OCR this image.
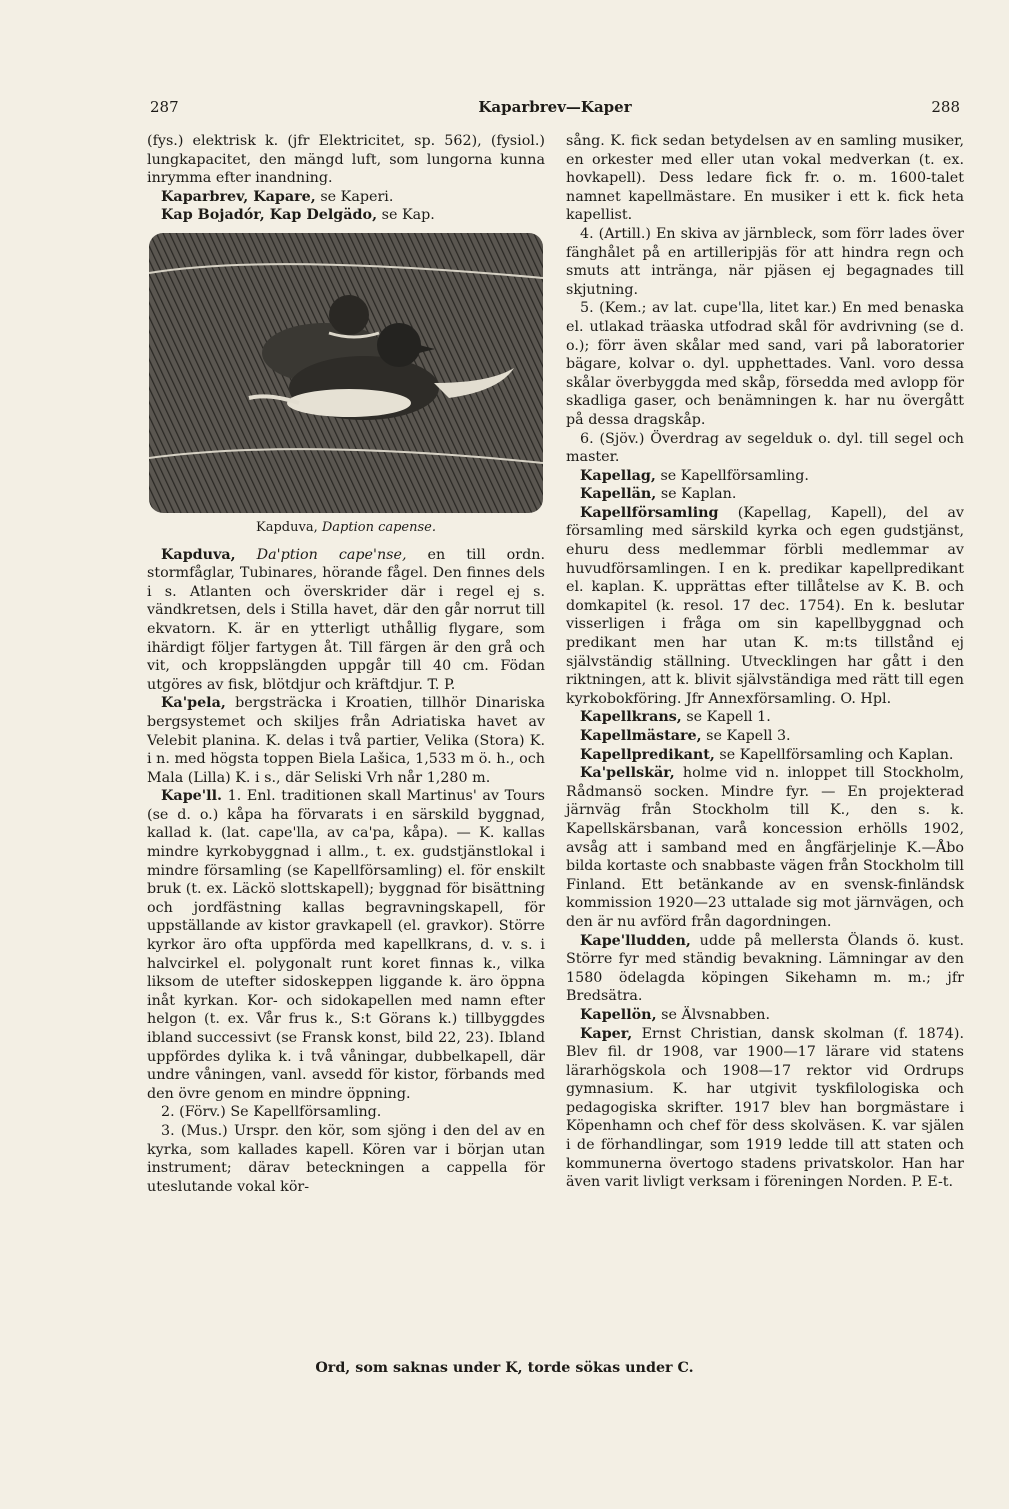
287	Kaparbrev—Kaper	288

(fys.) elektrisk k. (jfr Elektricitet, sp. 562), (fysiol.) lungkapacitet, den mängd luft, som lungorna kunna inrymma efter inandning.

Kaparbrev, Kapare, se Kaperi.

Kap Bojadór, Kap Delgädo, se Kap.

Kapduva, Daption capense.

Kapduva, Da'ption cape'nse, en till ordn. stormfåglar, Tubinares, hörande fågel. Den finnes dels i s. Atlanten och överskrider där i regel ej s. vändkretsen, dels i Stilla havet, där den går norrut till ekvatorn. K. är en ytterligt uthållig flygare, som ihärdigt följer fartygen åt. Till färgen är den grå och vit, och kroppslängden uppgår till 40 cm. Födan utgöres av fisk, blötdjur och kräftdjur. T. P.

Ka'pela, bergsträcka i Kroatien, tillhör Dinariska bergsystemet och skiljes från Adriatiska havet av Velebit planina. K. delas i två partier, Velika (Stora) K. i n. med högsta toppen Biela Lašica, 1,533 m ö. h., och Mala (Lilla) K. i s., där Seliski Vrh når 1,280 m.

Kape'll. 1. Enl. traditionen skall Martinus' av Tours (se d. o.) kåpa ha förvarats i en särskild byggnad, kallad k. (lat. cape'lla, av ca'pa, kåpa). — K. kallas mindre kyrkobyggnad i allm., t. ex. gudstjänstlokal i mindre församling (se Kapellförsamling) el. för enskilt bruk (t. ex. Läckö slottskapell); byggnad för bisättning och jordfästning kallas begravningskapell, för uppställande av kistor gravkapell (el. gravkor). Större kyrkor äro ofta uppförda med kapellkrans, d. v. s. i halvcirkel el. polygonalt runt koret finnas k., vilka liksom de utefter sidoskeppen liggande k. äro öppna inåt kyrkan. Kor- och sidokapellen med namn efter helgon (t. ex. Vår frus k., S:t Görans k.) tillbyggdes ibland successivt (se Fransk konst, bild 22, 23). Ibland uppfördes dylika k. i två våningar, dubbelkapell, där undre våningen, vanl. avsedd för kistor, förbands med den övre genom en mindre öppning.

2. (Förv.) Se Kapellförsamling.

3. (Mus.) Urspr. den kör, som sjöng i den del av en kyrka, som kallades kapell. Kören var i början utan instrument; därav beteckningen a cappella för uteslutande vokal kör-

sång. K. fick sedan betydelsen av en samling musiker, en orkester med eller utan vokal medverkan (t. ex. hovkapell). Dess ledare fick fr. o. m. 1600-talet namnet kapellmästare. En musiker i ett k. fick heta kapellist.

4. (Artill.) En skiva av järnbleck, som förr lades över fänghålet på en artilleripjäs för att hindra regn och smuts att intränga, när pjäsen ej begagnades till skjutning.

5. (Kem.; av lat. cupe'lla, litet kar.) En med benaska el. utlakad träaska utfodrad skål för avdrivning (se d. o.); förr även skålar med sand, vari på laboratorier bägare, kolvar o. dyl. upphettades. Vanl. voro dessa skålar överbyggda med skåp, försedda med avlopp för skadliga gaser, och benämningen k. har nu övergått på dessa dragskåp.

6. (Sjöv.) Överdrag av segelduk o. dyl. till segel och master.

Kapellag, se Kapellförsamling.

Kapellän, se Kaplan.

Kapellförsamling (Kapellag, Kapell), del av församling med särskild kyrka och egen gudstjänst, ehuru dess medlemmar förbli medlemmar av huvudförsamlingen. I en k. predikar kapellpredikant el. kaplan. K. upprättas efter tillåtelse av K. B. och domkapitel (k. resol. 17 dec. 1754). En k. beslutar visserligen i fråga om sin kapellbyggnad och predikant men har utan K. m:ts tillstånd ej självständig ställning. Utvecklingen har gått i den riktningen, att k. blivit självständiga med rätt till egen kyrkobokföring. Jfr Annexförsamling. O. Hpl.

Kapellkrans, se Kapell 1.

Kapellmästare, se Kapell 3.

Kapellpredikant, se Kapellförsamling och Kaplan.

Ka'pellskär, holme vid n. inloppet till Stockholm, Rådmansö socken. Mindre fyr. — En projekterad järnväg från Stockholm till K., den s. k. Kapellskärsbanan, varå koncession erhölls 1902, avsåg att i samband med en ångfärjelinje K.—Åbo bilda kortaste och snabbaste vägen från Stockholm till Finland. Ett betänkande av en svensk-finländsk kommission 1920—23 uttalade sig mot järnvägen, och den är nu avförd från dagordningen.

Kape'lludden, udde på mellersta Ölands ö. kust. Större fyr med ständig bevakning. Lämningar av den 1580 ödelagda köpingen Sikehamn m. m.; jfr Bredsätra.

Kapellön, se Älvsnabben.

Kaper, Ernst Christian, dansk skolman (f. 1874). Blev fil. dr 1908, var 1900—17 lärare vid statens lärarhögskola och 1908—17 rektor vid Ordrups gymnasium. K. har utgivit tyskfilologiska och pedagogiska skrifter. 1917 blev han borgmästare i Köpenhamn och chef för dess skolväsen. K. var själen i de förhandlingar, som 1919 ledde till att staten och kommunerna övertogo stadens privatskolor. Han har även varit livligt verksam i föreningen Norden. P. E-t.

Ord, som saknas under K, torde sökas under C.
